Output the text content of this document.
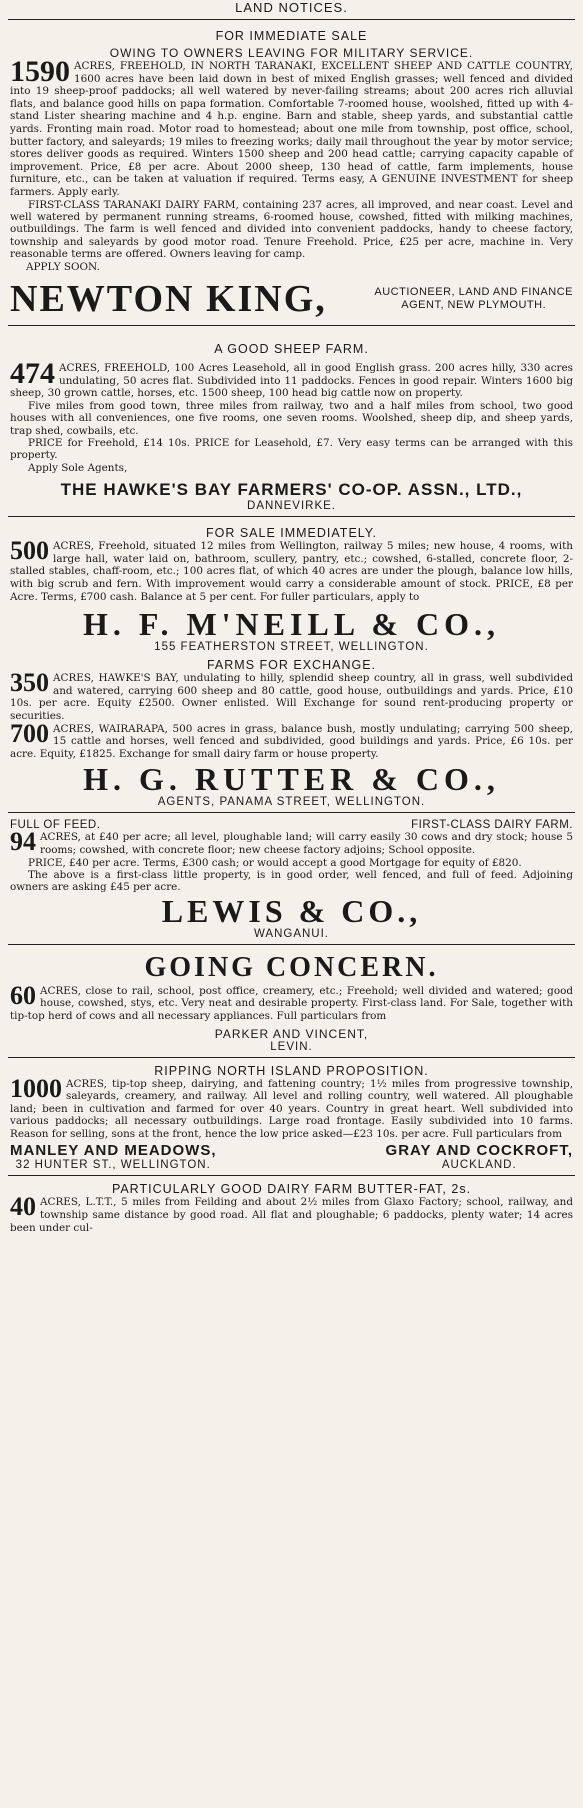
LAND NOTICES.
FOR IMMEDIATE SALE
OWING TO OWNERS LEAVING FOR MILITARY SERVICE.
1590 ACRES, FREEHOLD, IN NORTH TARANAKI, EXCELLENT SHEEP AND CATTLE COUNTRY, 1600 acres have been laid down in best of mixed English grasses; well fenced and divided into 19 sheep-proof paddocks; all well watered by never-failing streams; about 200 acres rich alluvial flats, and balance good hills on papa formation. Comfortable 7-roomed house, woolshed, fitted up with 4-stand Lister shearing machine and 4 h.p. engine. Barn and stable, sheep yards, and substantial cattle yards. Fronting main road. Motor road to homestead; about one mile from township, post office, school, butter factory, and saleyards; 19 miles to freezing works; daily mail throughout the year by motor service; stores deliver goods as required. Winters 1500 sheep and 200 head cattle; carrying capacity capable of improvement. Price, £8 per acre. About 2000 sheep, 130 head of cattle, farm implements, house furniture, etc., can be taken at valuation if required. Terms easy, A GENUINE INVESTMENT for sheep farmers. Apply early.

FIRST-CLASS TARANAKI DAIRY FARM, containing 237 acres, all improved, and near coast. Level and well watered by permanent running streams, 6-roomed house, cowshed, fitted with milking machines, outbuildings. The farm is well fenced and divided into convenient paddocks, handy to cheese factory, township and saleyards by good motor road. Tenure Freehold. Price, £25 per acre, machine in. Very reasonable terms are offered. Owners leaving for camp.

APPLY SOON.

NEWTON KING,	AUCTIONEER, LAND AND FINANCE
AGENT, NEW PLYMOUTH.
A GOOD SHEEP FARM.
474 ACRES, FREEHOLD, 100 Acres Leasehold, all in good English grass. 200 acres hilly, 330 acres undulating, 50 acres flat. Subdivided into 11 paddocks. Fences in good repair. Winters 1600 big sheep, 30 grown cattle, horses, etc. 1500 sheep, 100 head big cattle now on property.

Five miles from good town, three miles from railway, two and a half miles from school, two good houses with all conveniences, one five rooms, one seven rooms. Woolshed, sheep dip, and sheep yards, trap shed, cowbails, etc.

PRICE for Freehold, £14 10s. PRICE for Leasehold, £7. Very easy terms can be arranged with this property.

Apply Sole Agents,

THE HAWKE'S BAY FARMERS' CO-OP. ASSN., LTD.,
DANNEVIRKE.
FOR SALE IMMEDIATELY.
500 ACRES, Freehold, situated 12 miles from Wellington, railway 5 miles; new house, 4 rooms, with large hall, water laid on, bathroom, scullery, pantry, etc.; cowshed, 6-stalled, concrete floor, 2-stalled stables, chaff-room, etc.; 100 acres flat, of which 40 acres are under the plough, balance low hills, with big scrub and fern. With improvement would carry a considerable amount of stock. PRICE, £8 per Acre. Terms, £700 cash. Balance at 5 per cent. For fuller particulars, apply to
H. F. M'NEILL & CO.,
155 FEATHERSTON STREET, WELLINGTON.
FARMS FOR EXCHANGE.
350 ACRES, HAWKE'S BAY, undulating to hilly, splendid sheep country, all in grass, well subdivided and watered, carrying 600 sheep and 80 cattle, good house, outbuildings and yards. Price, £10 10s. per acre. Equity £2500. Owner enlisted. Will Exchange for sound rent-producing property or securities.
700 ACRES, WAIRARAPA, 500 acres in grass, balance bush, mostly undulating; carrying 500 sheep, 15 cattle and horses, well fenced and subdivided, good buildings and yards. Price, £6 10s. per acre. Equity, £1825. Exchange for small dairy farm or house property.
H. G. RUTTER & CO.,
AGENTS, PANAMA STREET, WELLINGTON.
FULL OF FEED.	FIRST-CLASS DAIRY FARM.
94 ACRES, at £40 per acre; all level, ploughable land; will carry easily 30 cows and dry stock; house 5 rooms; cowshed, with concrete floor; new cheese factory adjoins; School opposite.

PRICE, £40 per acre. Terms, £300 cash; or would accept a good Mortgage for equity of £820.

The above is a first-class little property, is in good order, well fenced, and full of feed. Adjoining owners are asking £45 per acre.

LEWIS & CO.,
WANGANUI.
GOING CONCERN.
60 ACRES, close to rail, school, post office, creamery, etc.; Freehold; well divided and watered; good house, cowshed, stys, etc. Very neat and desirable property. First-class land. For Sale, together with tip-top herd of cows and all necessary appliances. Full particulars from
PARKER AND VINCENT,
LEVIN.
RIPPING NORTH ISLAND PROPOSITION.
1000 ACRES, tip-top sheep, dairying, and fattening country; 1½ miles from progressive township, saleyards, creamery, and railway. All level and rolling country, well watered. All ploughable land; been in cultivation and farmed for over 40 years. Country in great heart. Well subdivided into various paddocks; all necessary outbuildings. Large road frontage. Easily subdivided into 10 farms. Reason for selling, sons at the front, hence the low price asked—£23 10s. per acre. Full particulars from
MANLEY AND MEADOWS,
32 HUNTER ST., WELLINGTON.
GRAY AND COCKROFT,
AUCKLAND.
PARTICULARLY GOOD DAIRY FARM BUTTER-FAT, 2s.
40 ACRES, L.T.T., 5 miles from Feilding and about 2½ miles from Glaxo Factory; school, railway, and township same distance by good road. All flat and ploughable; 6 paddocks, plenty water; 14 acres been under cul-
